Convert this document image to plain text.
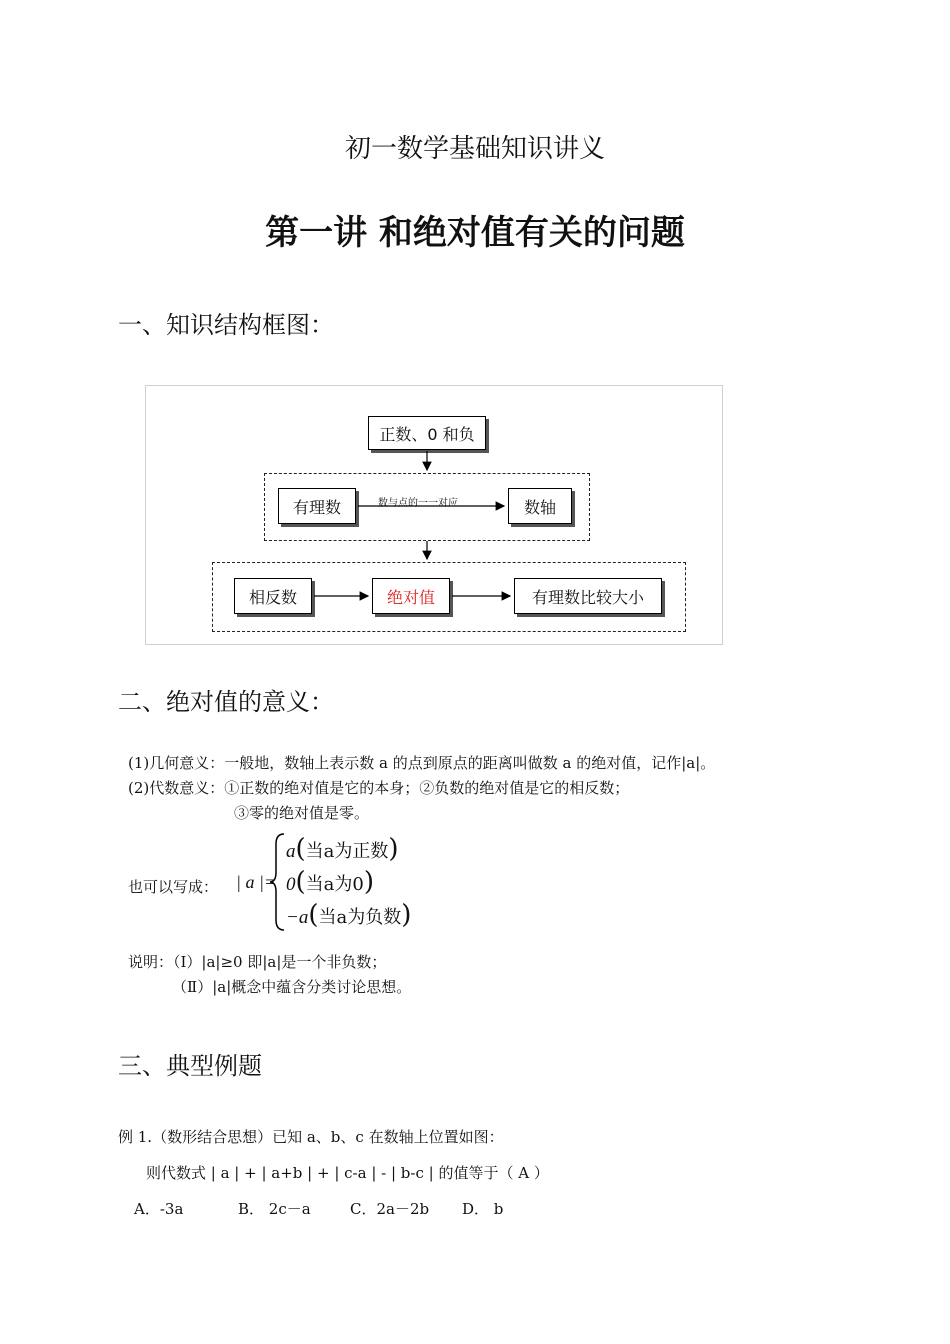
初一数学基础知识讲义
第一讲 和绝对值有关的问题
一、知识结构框图：
正数、0 和负
有理数	数与点的一一对应	数轴
相反数	绝对值	有理数比较大小
二、绝对值的意义：
(1)几何意义：一般地，数轴上表示数 a 的点到原点的距离叫做数 a 的绝对值，记作|a|。
(2)代数意义：①正数的绝对值是它的本身；②负数的绝对值是它的相反数；
③零的绝对值是零。
也可以写成： | a |=
a(当a为正数)
0(当a为0)
−a(当a为负数)
说明：（Ⅰ）|a|≥0 即|a|是一个非负数；
（Ⅱ）|a|概念中蕴含分类讨论思想。
三、典型例题
例 1.（数形结合思想）已知 a、b、c 在数轴上位置如图：
则代数式 | a | + | a+b | + | c-a | - | b-c | 的值等于（ A ）
A．-3a	B． 2c－a	C．2a－2b D． b
